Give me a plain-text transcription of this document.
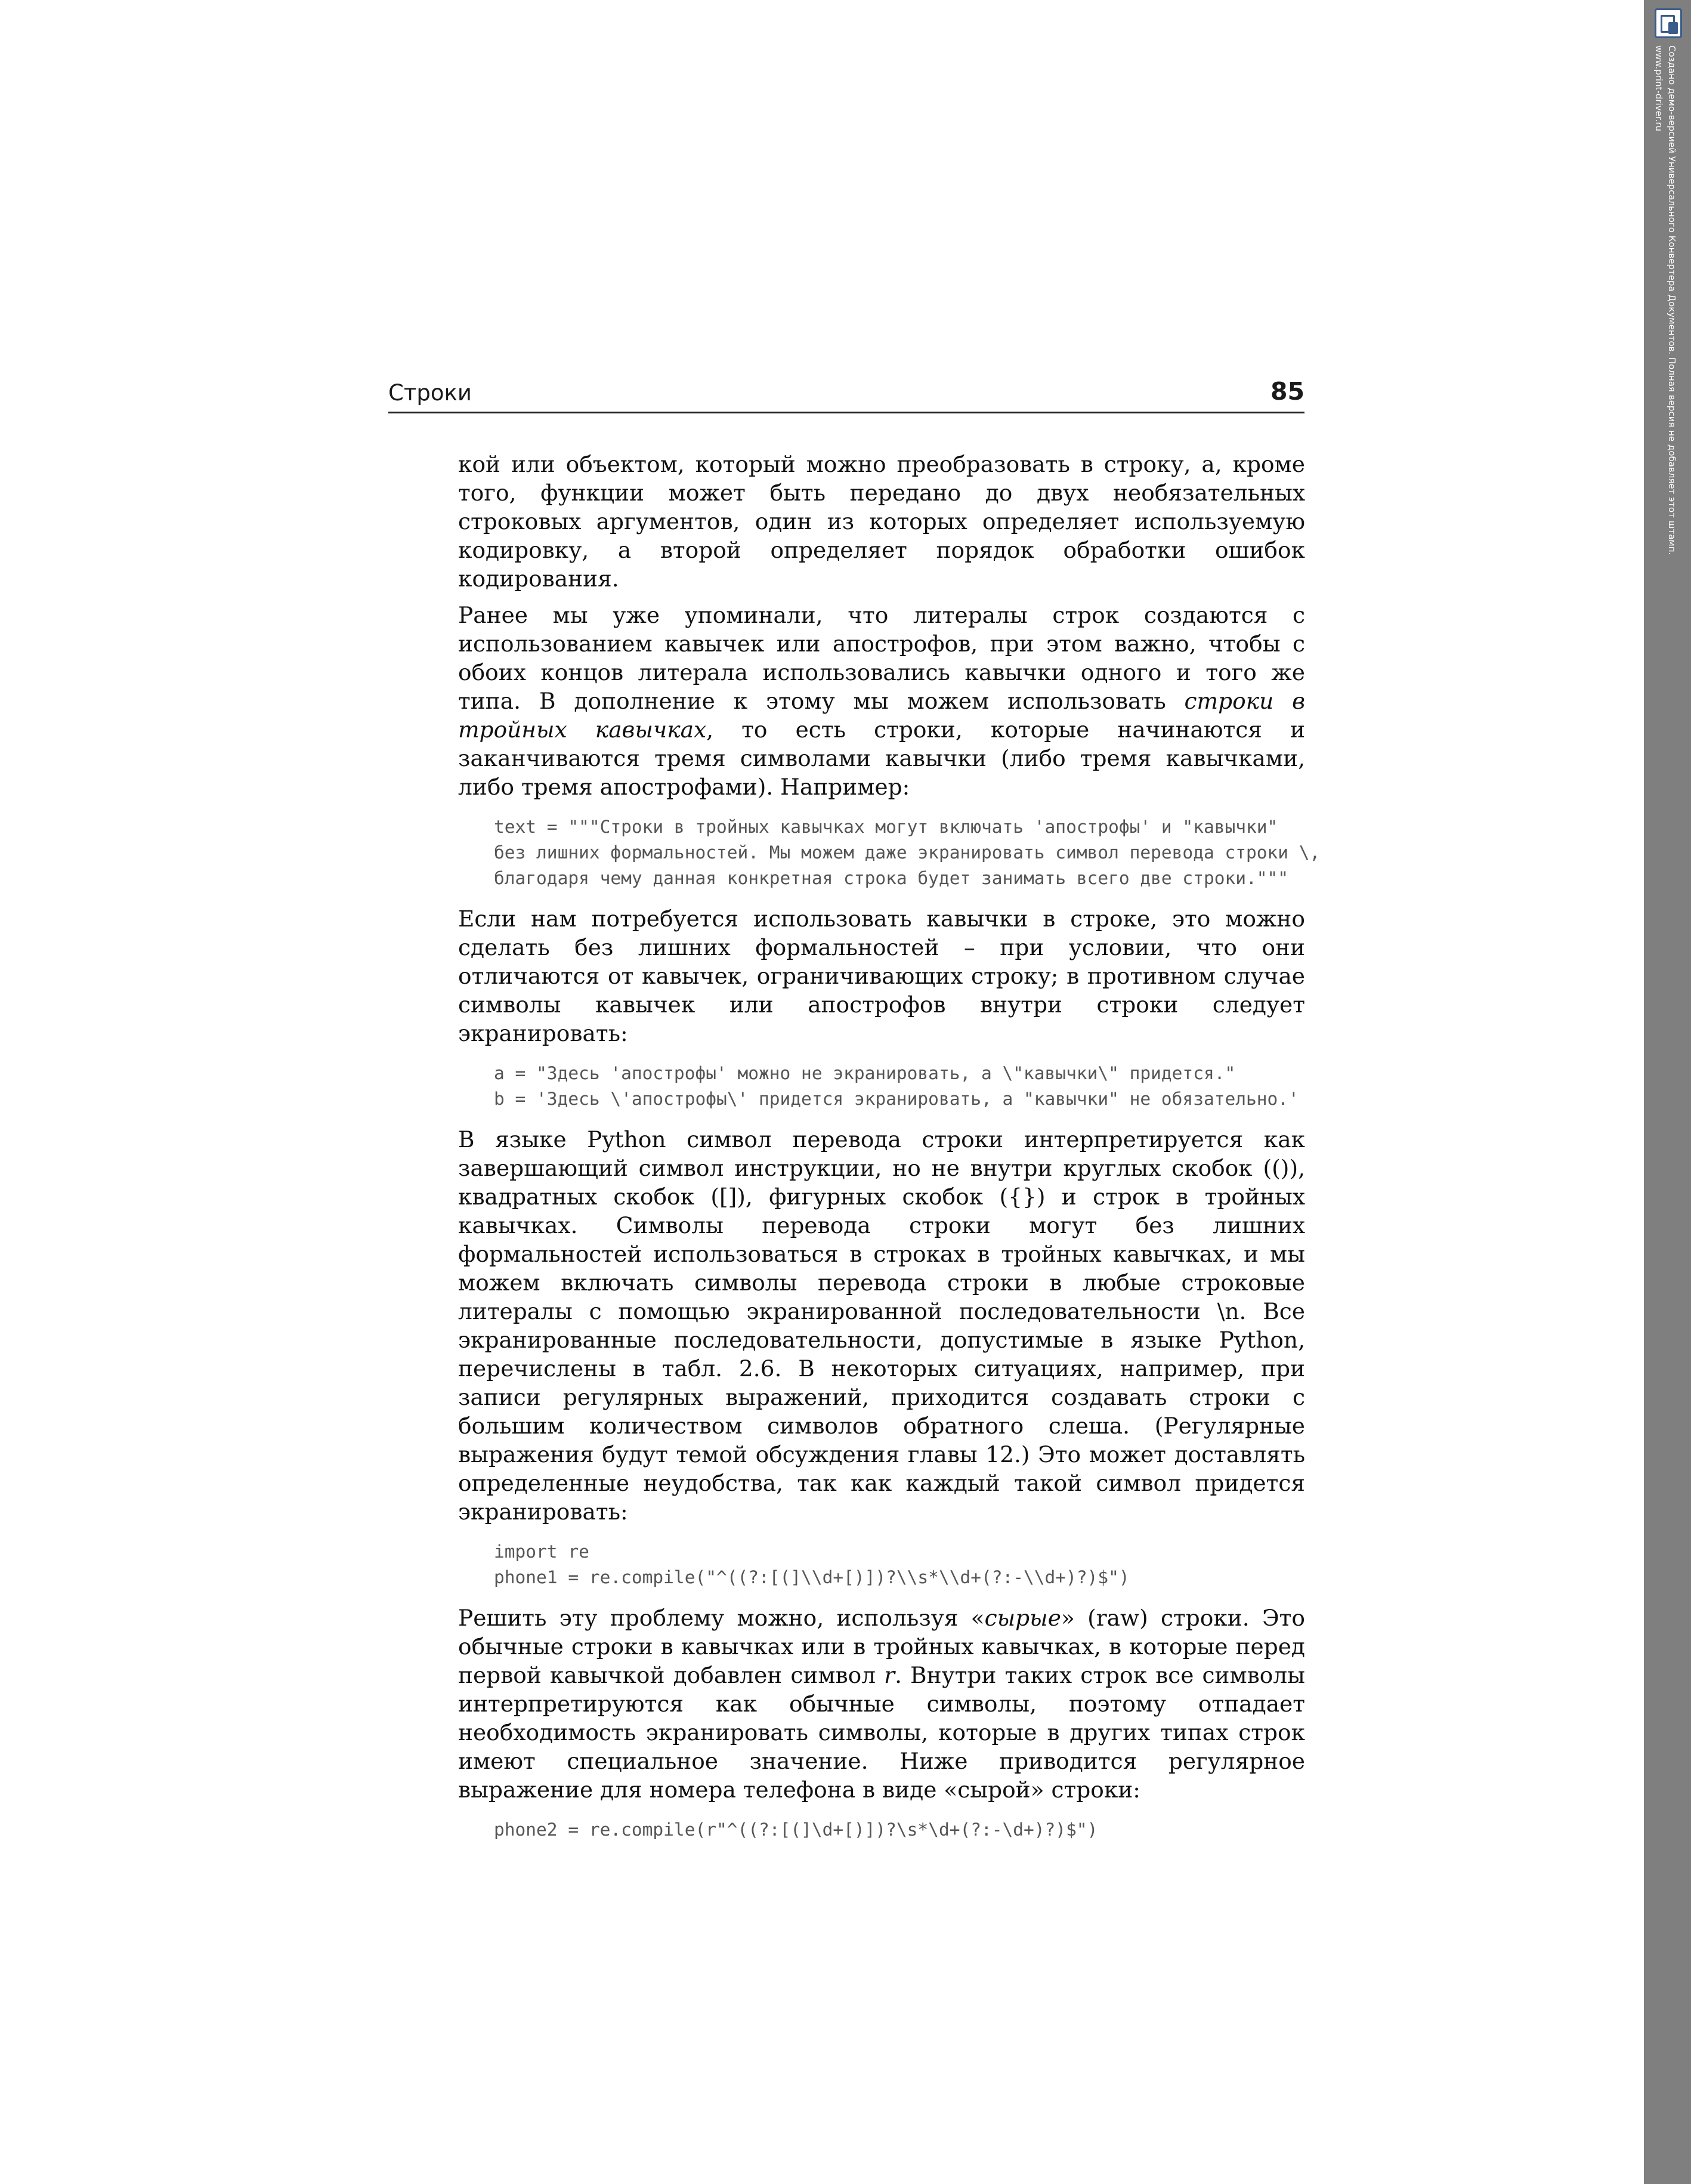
Строки	85

кой или объектом, который можно преобразовать в строку, а, кроме того, функции может быть передано до двух необязательных строковых аргументов, один из которых определяет используемую кодировку, а второй определяет порядок обработки ошибок кодирования.

Ранее мы уже упоминали, что литералы строк создаются с использованием кавычек или апострофов, при этом важно, чтобы с обоих концов литерала использовались кавычки одного и того же типа. В дополнение к этому мы можем использовать строки в тройных кавычках, то есть строки, которые начинаются и заканчиваются тремя символами кавычки (либо тремя кавычками, либо тремя апострофами). Например:

text = """Строки в тройных кавычках могут включать 'апострофы' и "кавычки"
без лишних формальностей. Мы можем даже экранировать символ перевода строки \,
благодаря чему данная конкретная строка будет занимать всего две строки."""

Если нам потребуется использовать кавычки в строке, это можно сделать без лишних формальностей – при условии, что они отличаются от кавычек, ограничивающих строку; в противном случае символы кавычек или апострофов внутри строки следует экранировать:

a = "Здесь 'апострофы' можно не экранировать, а \"кавычки\" придется."
b = 'Здесь \'апострофы\' придется экранировать, а "кавычки" не обязательно.'

В языке Python символ перевода строки интерпретируется как завершающий символ инструкции, но не внутри круглых скобок (()), квадратных скобок ([]), фигурных скобок ({}) и строк в тройных кавычках. Символы перевода строки могут без лишних формальностей использоваться в строках в тройных кавычках, и мы можем включать символы перевода строки в любые строковые литералы с помощью экранированной последовательности \n. Все экранированные последовательности, допустимые в языке Python, перечислены в табл. 2.6. В некоторых ситуациях, например, при записи регулярных выражений, приходится создавать строки с большим количеством символов обратного слеша. (Регулярные выражения будут темой обсуждения главы 12.) Это может доставлять определенные неудобства, так как каждый такой символ придется экранировать:

import re
phone1 = re.compile("^((?:[(]\\d+[)])?\\s*\\d+(?:-\\d+)?)$")

Решить эту проблему можно, используя «сырые» (raw) строки. Это обычные строки в кавычках или в тройных кавычках, в которые перед первой кавычкой добавлен символ r. Внутри таких строк все символы интерпретируются как обычные символы, поэтому отпадает необходимость экранировать символы, которые в других типах строк имеют специальное значение. Ниже приводится регулярное выражение для номера телефона в виде «сырой» строки:

phone2 = re.compile(r"^((?:[(]\d+[)])?\s*\d+(?:-\d+)?)$")
Создано демо-версией Универсального Конвертера Документов. Полная версия не добавляет этот штамп.
www.print-driver.ru
